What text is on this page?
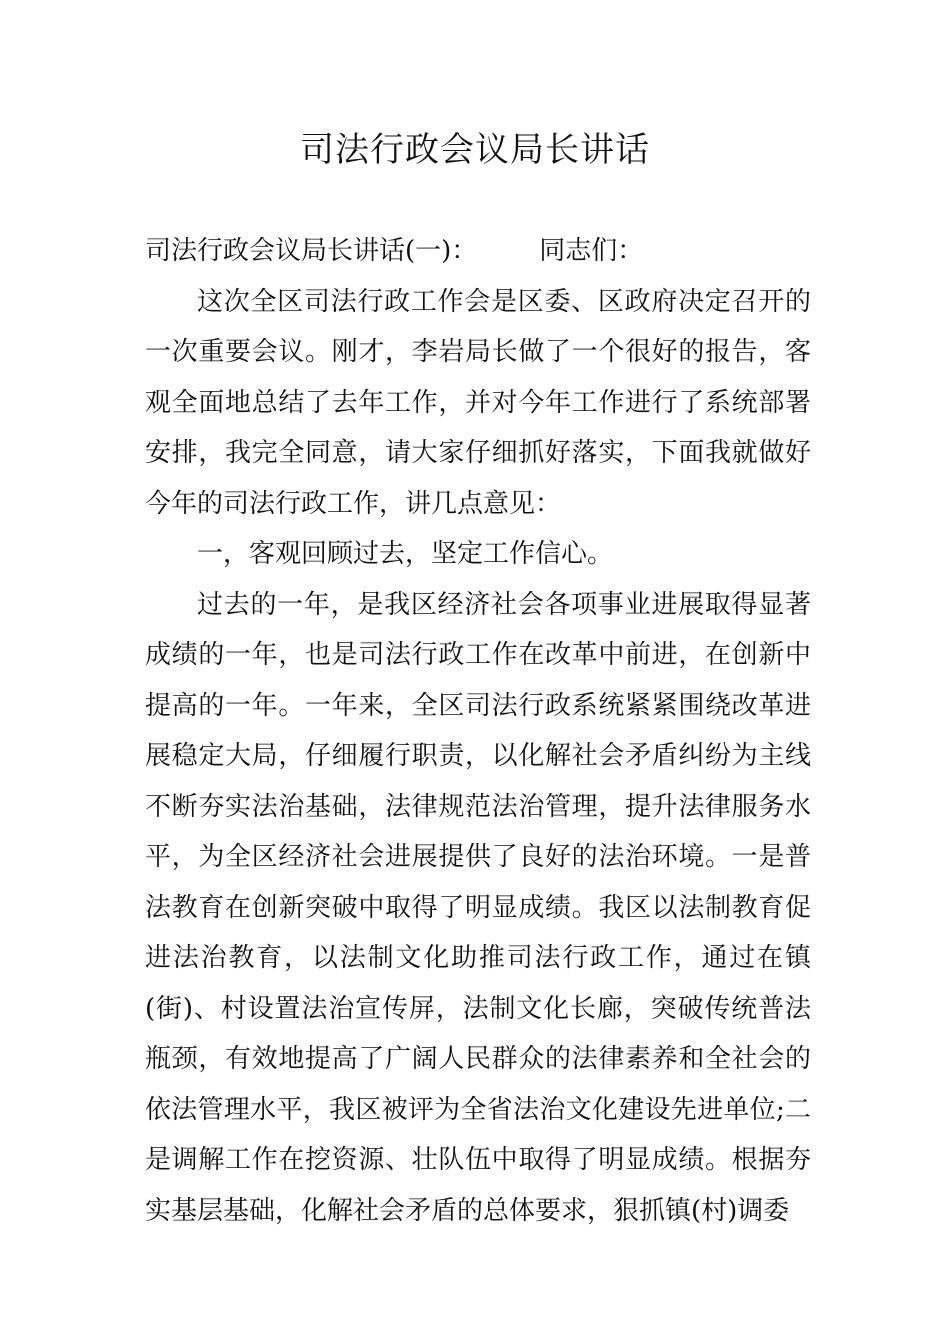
司法行政会议局长讲话

司法行政会议局长讲话(一)： 同志们：

这次全区司法行政工作会是区委、区政府决定召开的一次重要会议。刚才，李岩局长做了一个很好的报告，客观全面地总结了去年工作，并对今年工作进行了系统部署安排，我完全同意，请大家仔细抓好落实，下面我就做好今年的司法行政工作，讲几点意见：

一，客观回顾过去，坚定工作信心。

过去的一年，是我区经济社会各项事业进展取得显著成绩的一年，也是司法行政工作在改革中前进，在创新中提高的一年。一年来，全区司法行政系统紧紧围绕改革进展稳定大局，仔细履行职责，以化解社会矛盾纠纷为主线不断夯实法治基础，法律规范法治管理，提升法律服务水平，为全区经济社会进展提供了良好的法治环境。一是普法教育在创新突破中取得了明显成绩。我区以法制教育促进法治教育，以法制文化助推司法行政工作，通过在镇(街)、村设置法治宣传屏，法制文化长廊，突破传统普法瓶颈，有效地提高了广阔人民群众的法律素养和全社会的依法管理水平，我区被评为全省法治文化建设先进单位;二是调解工作在挖资源、壮队伍中取得了明显成绩。根据夯实基层基础，化解社会矛盾的总体要求，狠抓镇(村)调委
